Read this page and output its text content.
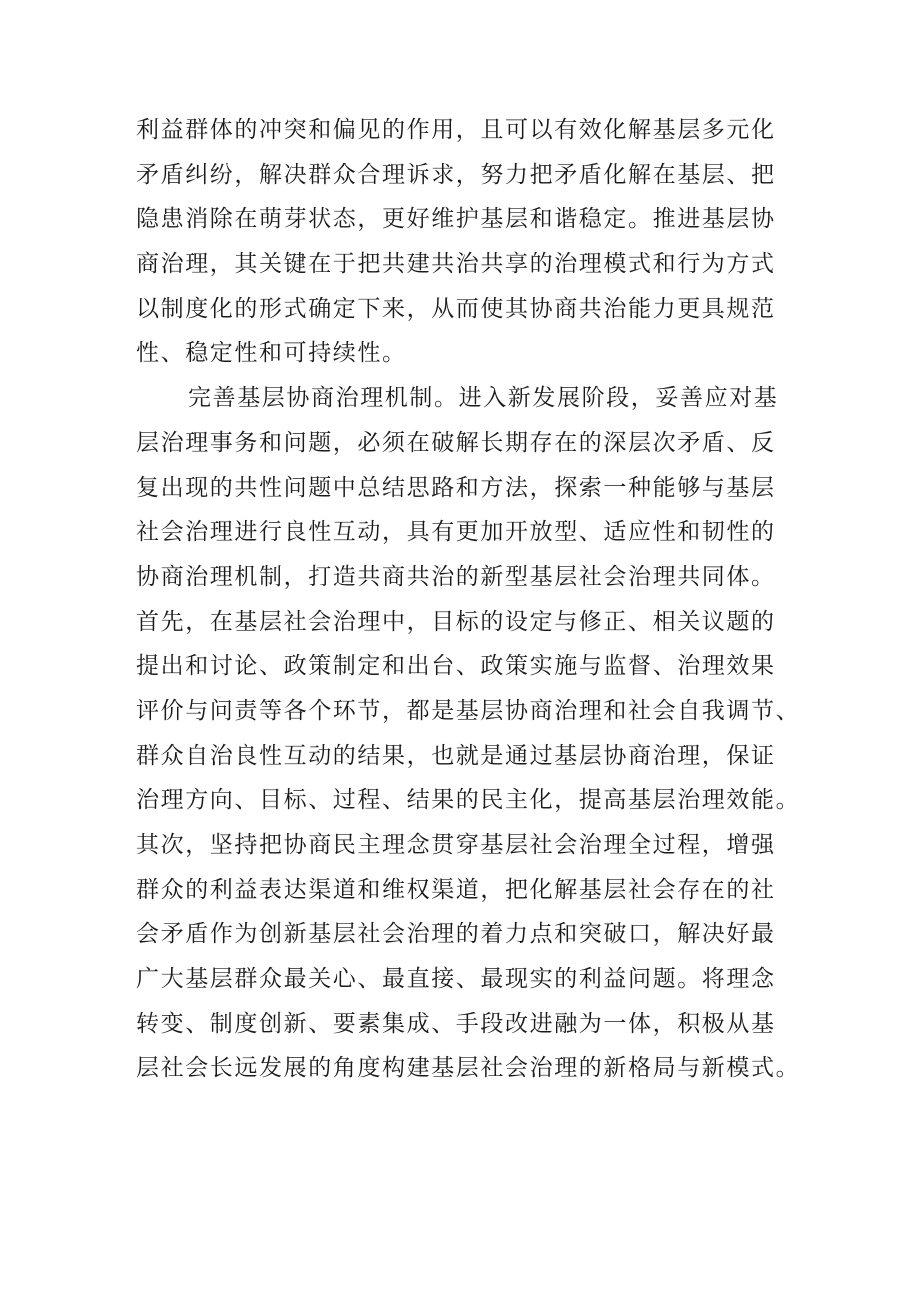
利益群体的冲突和偏见的作用，且可以有效化解基层多元化
矛盾纠纷，解决群众合理诉求，努力把矛盾化解在基层、把
隐患消除在萌芽状态，更好维护基层和谐稳定。推进基层协
商治理，其关键在于把共建共治共享的治理模式和行为方式
以制度化的形式确定下来，从而使其协商共治能力更具规范
性、稳定性和可持续性。
完善基层协商治理机制。进入新发展阶段，妥善应对基
层治理事务和问题，必须在破解长期存在的深层次矛盾、反
复出现的共性问题中总结思路和方法，探索一种能够与基层
社会治理进行良性互动，具有更加开放型、适应性和韧性的
协商治理机制，打造共商共治的新型基层社会治理共同体。
首先，在基层社会治理中，目标的设定与修正、相关议题的
提出和讨论、政策制定和出台、政策实施与监督、治理效果
评价与问责等各个环节，都是基层协商治理和社会自我调节、
群众自治良性互动的结果，也就是通过基层协商治理，保证
治理方向、目标、过程、结果的民主化，提高基层治理效能。
其次，坚持把协商民主理念贯穿基层社会治理全过程，增强
群众的利益表达渠道和维权渠道，把化解基层社会存在的社
会矛盾作为创新基层社会治理的着力点和突破口，解决好最
广大基层群众最关心、最直接、最现实的利益问题。将理念
转变、制度创新、要素集成、手段改进融为一体，积极从基
层社会长远发展的角度构建基层社会治理的新格局与新模式。
